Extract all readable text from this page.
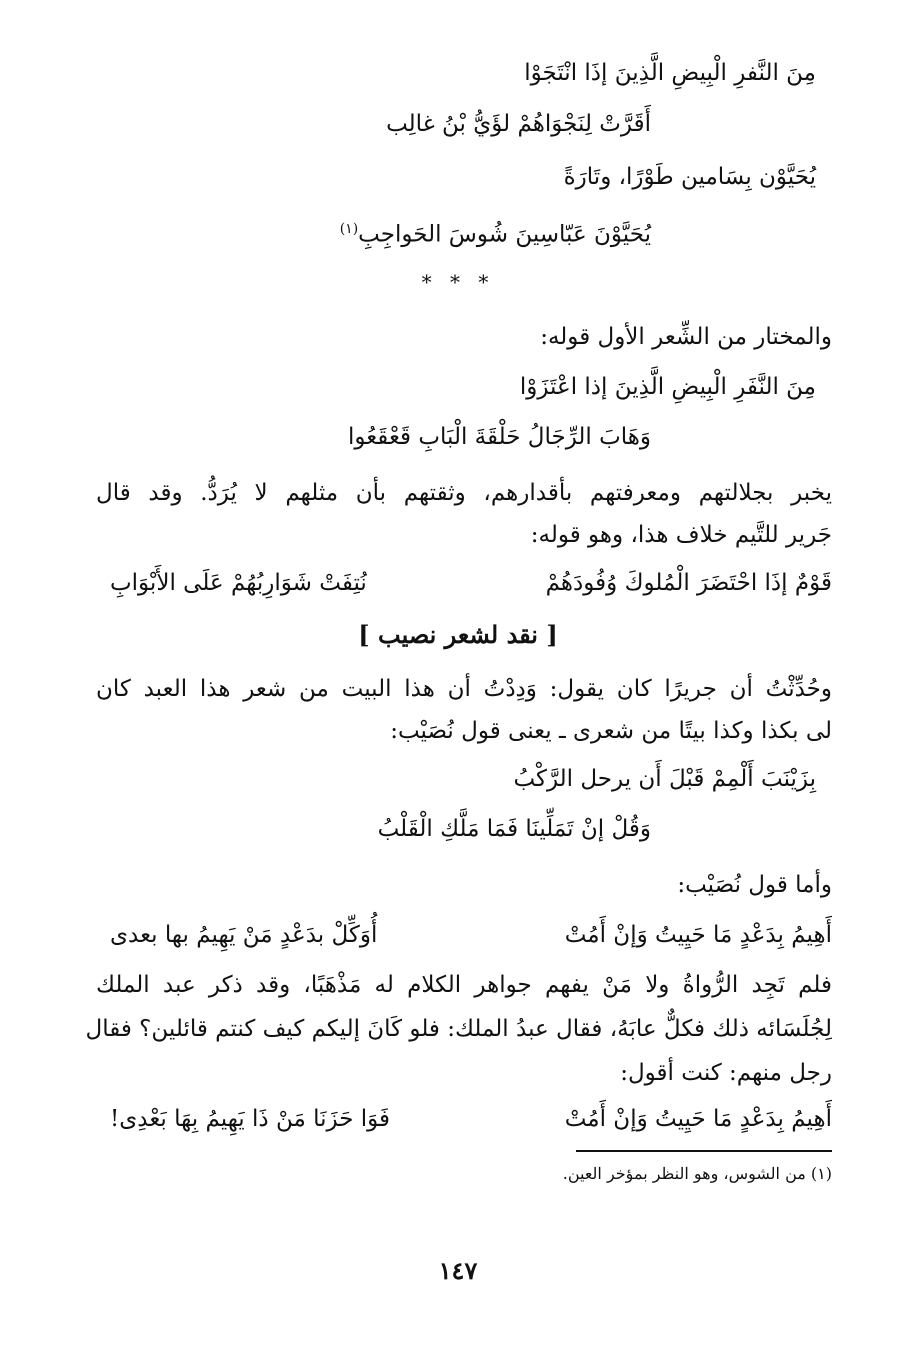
مِنَ النَّفرِ الْبِيضِ الَّذِينَ إذَا انْتَجَوْا
أَقَرَّتْ لِنَجْوَاهُمْ لؤَيُّ بْنُ غالِب
يُحَيَّوْن بِسَامين طَوْرًا، وتَارَةً
يُحَيَّوْنَ عَبّاسِينَ شُوسَ الحَواجِبِ$^{(١)}$
* * *
والمختار من الشِّعر الأول قوله:
مِنَ النَّفَرِ الْبِيضِ الَّذِينَ إذا اعْتَزَوْا
وَهَابَ الرِّجَالُ حَلْقَةَ الْبَابِ قَعْقَعُوا
يخبر بجلالتهم ومعرفتهم بأقدارهم، وثقتهم بأن مثلهم لا يُرَدُّ. وقد قال
جَرير للتَّيم خلاف هذا، وهو قوله:
قَوْمٌ إذَا احْتَضَرَ الْمُلوكَ وُفُودَهُمْ
نُتِفَتْ شَوَارِبُهُمْ عَلَى الأَبْوَابِ
[ نقد لشعر نصيب ]
وحُدِّثْتُ أن جريرًا كان يقول: وَدِدْتُ أن هذا البيت من شعر هذا العبد كان
لى بكذا وكذا بيتًا من شعرى ـ يعنى قول نُصَيْب:
بِزَيْنَبَ أَلْمِمْ قَبْلَ أَن يرحل الرَّكْبُ
وَقُلْ إنْ تَمَلِّينَا فَمَا مَلَّكِ الْقَلْبُ
وأما قول نُصَيْب:
أَهِيمُ بِدَعْدٍ مَا حَيِيتُ وَإنْ أَمُتْ
أُوَكِّلْ بدَعْدٍ مَنْ يَهِيمُ بها بعدى
فلم تَجِد الرُّواةُ ولا مَنْ يفهم جواهر الكلام له مَذْهَبًا، وقد ذكر عبد الملك
لِجُلَسَائه ذلك فكلٌّ عابَهُ، فقال عبدُ الملك: فلو كَانَ إليكم كيف كنتم قائلين؟ فقال
رجل منهم: كنت أقول:
أَهِيمُ بِدَعْدٍ مَا حَيِيتُ وَإنْ أَمُتْ
فَوَا حَزَنَا مَنْ ذَا يَهِيمُ بِهَا بَعْدِى!
(١) من الشوس، وهو النظر بمؤخر العين.
١٤٧
